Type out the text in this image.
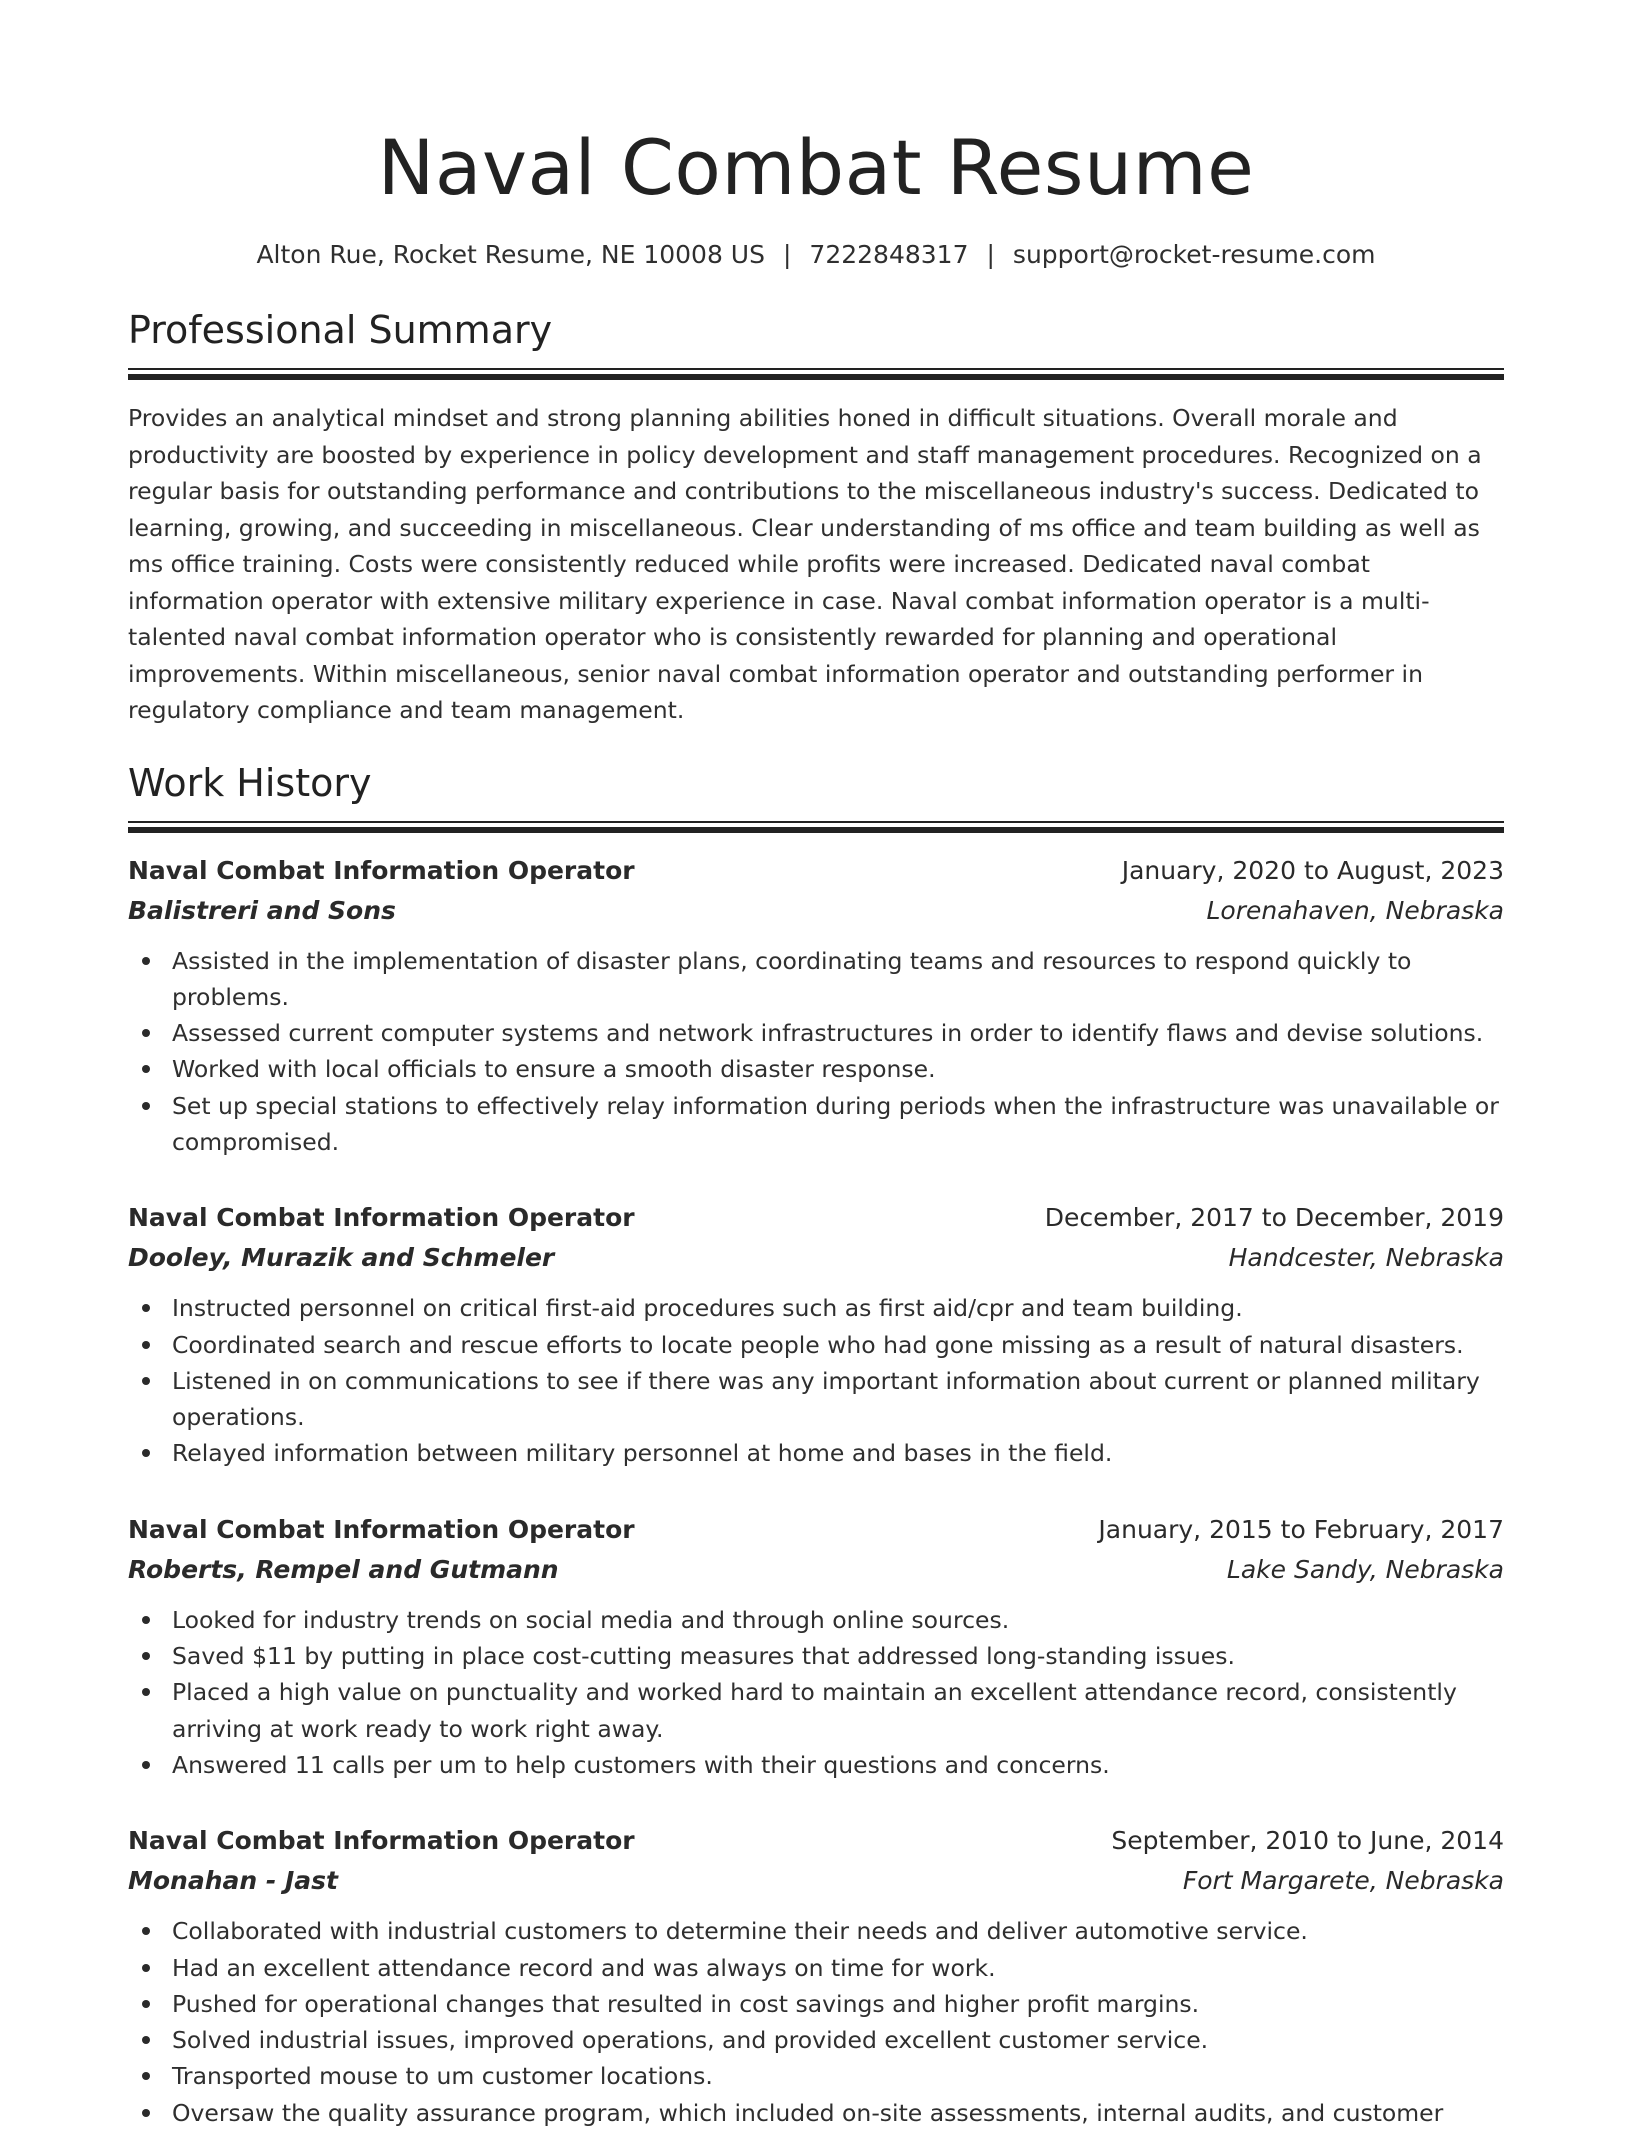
Naval Combat Resume
Alton Rue, Rocket Resume, NE 10008 US | 7222848317 | support@rocket-resume.com
Professional Summary
Provides an analytical mindset and strong planning abilities honed in difficult situations. Overall morale and productivity are boosted by experience in policy development and staff management procedures. Recognized on a regular basis for outstanding performance and contributions to the miscellaneous industry's success. Dedicated to learning, growing, and succeeding in miscellaneous. Clear understanding of ms office and team building as well as ms office training. Costs were consistently reduced while profits were increased. Dedicated naval combat information operator with extensive military experience in case. Naval combat information operator is a multi-talented naval combat information operator who is consistently rewarded for planning and operational improvements. Within miscellaneous, senior naval combat information operator and outstanding performer in regulatory compliance and team management.
Work History
Naval Combat Information Operator	January, 2020 to August, 2023
Balistreri and Sons	Lorenahaven, Nebraska
Assisted in the implementation of disaster plans, coordinating teams and resources to respond quickly to problems.
Assessed current computer systems and network infrastructures in order to identify flaws and devise solutions.
Worked with local officials to ensure a smooth disaster response.
Set up special stations to effectively relay information during periods when the infrastructure was unavailable or compromised.
Naval Combat Information Operator	December, 2017 to December, 2019
Dooley, Murazik and Schmeler	Handcester, Nebraska
Instructed personnel on critical first-aid procedures such as first aid/cpr and team building.
Coordinated search and rescue efforts to locate people who had gone missing as a result of natural disasters.
Listened in on communications to see if there was any important information about current or planned military operations.
Relayed information between military personnel at home and bases in the field.
Naval Combat Information Operator	January, 2015 to February, 2017
Roberts, Rempel and Gutmann	Lake Sandy, Nebraska
Looked for industry trends on social media and through online sources.
Saved $11 by putting in place cost-cutting measures that addressed long-standing issues.
Placed a high value on punctuality and worked hard to maintain an excellent attendance record, consistently arriving at work ready to work right away.
Answered 11 calls per um to help customers with their questions and concerns.
Naval Combat Information Operator	September, 2010 to June, 2014
Monahan - Jast	Fort Margarete, Nebraska
Collaborated with industrial customers to determine their needs and deliver automotive service.
Had an excellent attendance record and was always on time for work.
Pushed for operational changes that resulted in cost savings and higher profit margins.
Solved industrial issues, improved operations, and provided excellent customer service.
Transported mouse to um customer locations.
Oversaw the quality assurance program, which included on-site assessments, internal audits, and customer
